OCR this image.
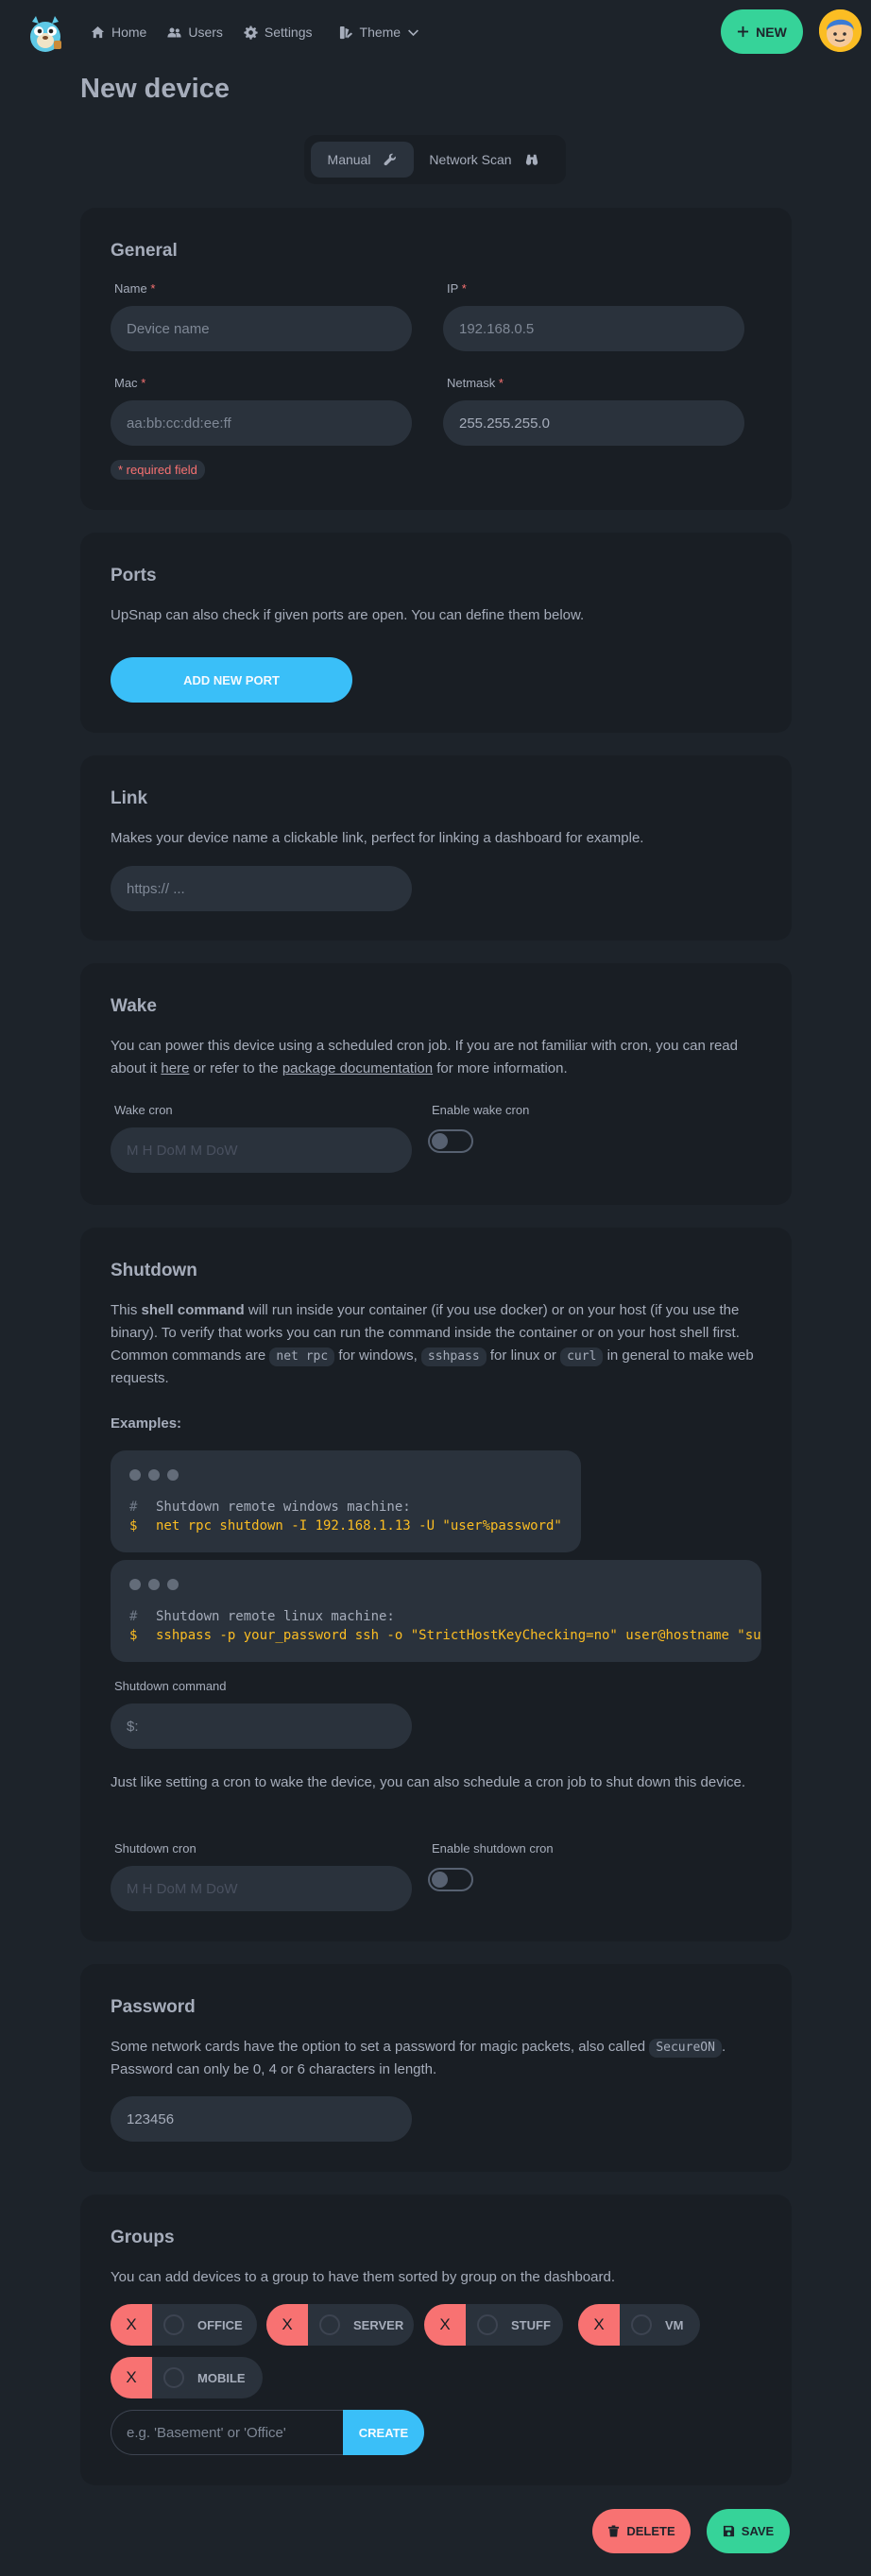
Home	Users	Settings	Theme	NEW
New device
Manual	Network Scan
General
Name *
Device name
IP *
192.168.0.5
Mac *
aa:bb:cc:dd:ee:ff
Netmask *
255.255.255.0
* required field
Ports
UpSnap can also check if given ports are open. You can define them below.
ADD NEW PORT
Link
Makes your device name a clickable link, perfect for linking a dashboard for example.
https:// ...
Wake
You can power this device using a scheduled cron job. If you are not familiar with cron, you can read about it here or refer to the package documentation for more information.
Wake cron
M H DoM M DoW
Enable wake cron
Shutdown
This shell command will run inside your container (if you use docker) or on your host (if you use the binary). To verify that works you can run the command inside the container or on your host shell first. Common commands are net rpc for windows, sshpass for linux or curl in general to make web requests.
Examples:
# Shutdown remote windows machine:
$ net rpc shutdown -I 192.168.1.13 -U "user%password"
# Shutdown remote linux machine:
$ sshpass -p your_password ssh -o "StrictHostKeyChecking=no" user@hostname "su
Shutdown command
$:
Just like setting a cron to wake the device, you can also schedule a cron job to shut down this device.
Shutdown cron
M H DoM M DoW
Enable shutdown cron
Password
Some network cards have the option to set a password for magic packets, also called SecureON . Password can only be 0, 4 or 6 characters in length.
123456
Groups
You can add devices to a group to have them sorted by group on the dashboard.
X	OFFICE	X	SERVER	X	STUFF	X	VM
X	MOBILE
e.g. 'Basement' or 'Office'	CREATE
DELETE	SAVE
